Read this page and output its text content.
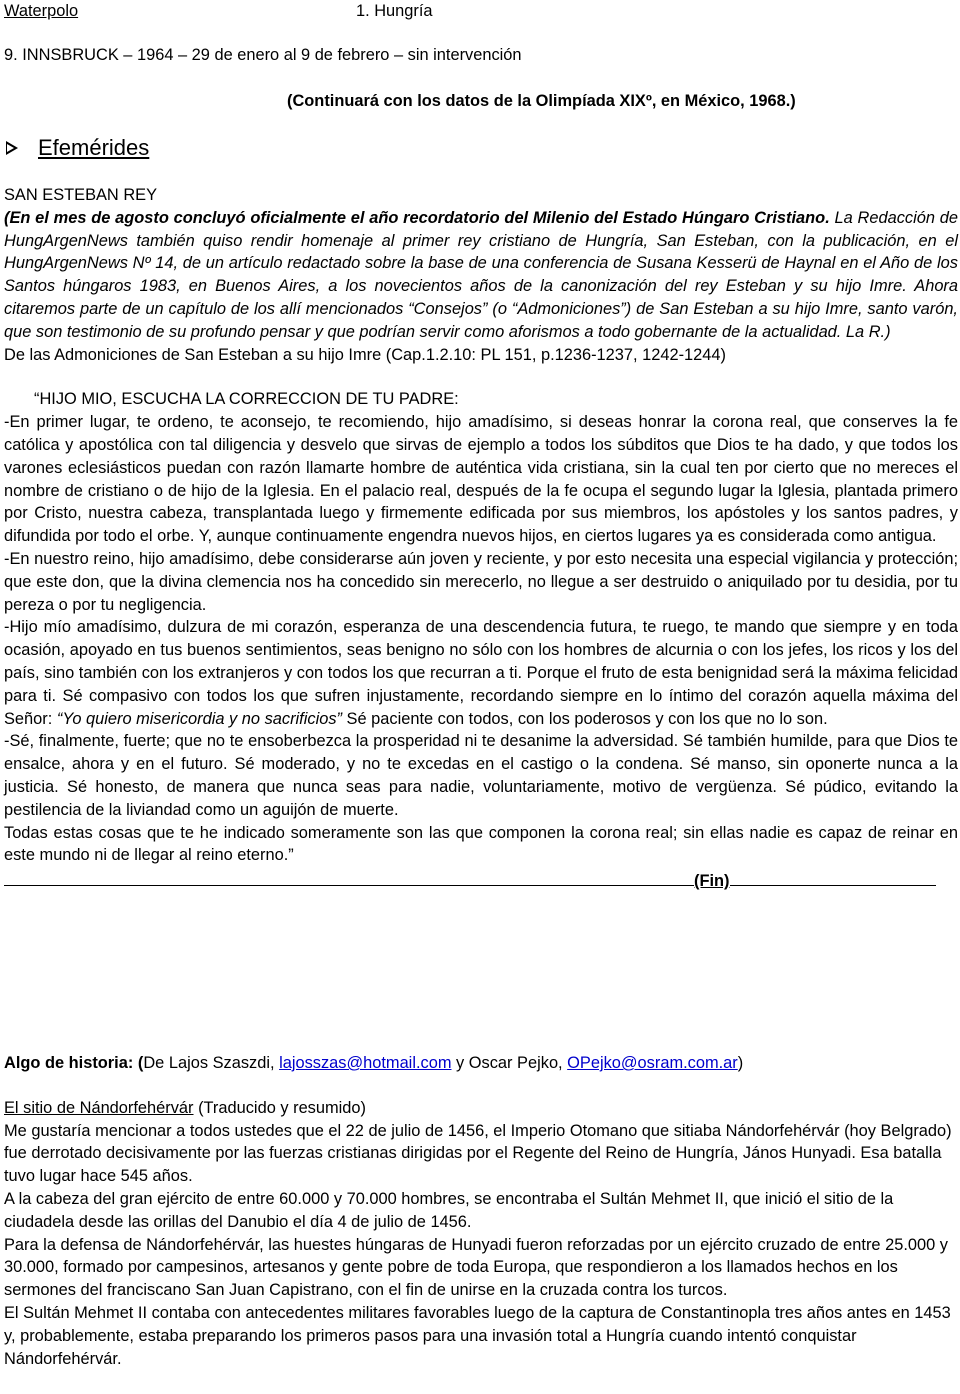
Waterpolo	1. Hungría
9. INNSBRUCK – 1964 – 29 de enero al 9 de febrero – sin intervención
(Continuará con los datos de la Olimpíada XIXº, en México, 1968.)
Efemérides

SAN ESTEBAN REY

(En el mes de agosto concluyó oficialmente el año recordatorio del Milenio del Estado Húngaro Cristiano. La Redacción de HungArgenNews también quiso rendir homenaje al primer rey cristiano de Hungría, San Esteban, con la publicación, en el HungArgenNews Nº 14, de un artículo redactado sobre la base de una conferencia de Susana Kesserü de Haynal en el Año de los Santos húngaros 1983, en Buenos Aires, a los novecientos años de la canonización del rey Esteban y su hijo Imre. Ahora citaremos parte de un capítulo de los allí mencionados “Consejos” (o “Admoniciones”) de San Esteban a su hijo Imre, santo varón, que son testimonio de su profundo pensar y que podrían servir como aforismos a todo gobernante de la actualidad. La R.)

De las Admoniciones de San Esteban a su hijo Imre (Cap.1.2.10: PL 151, p.1236-1237, 1242-1244)

“HIJO MIO, ESCUCHA LA CORRECCION DE TU PADRE:

-En primer lugar, te ordeno, te aconsejo, te recomiendo, hijo amadísimo, si deseas honrar la corona real, que conserves la fe católica y apostólica con tal diligencia y desvelo que sirvas de ejemplo a todos los súbditos que Dios te ha dado, y que todos los varones eclesiásticos puedan con razón llamarte hombre de auténtica vida cristiana, sin la cual ten por cierto que no mereces el nombre de cristiano o de hijo de la Iglesia. En el palacio real, después de la fe ocupa el segundo lugar la Iglesia, plantada primero por Cristo, nuestra cabeza, transplantada luego y firmemente edificada por sus miembros, los apóstoles y los santos padres, y difundida por todo el orbe. Y, aunque continuamente engendra nuevos hijos, en ciertos lugares ya es considerada como antigua.

-En nuestro reino, hijo amadísimo, debe considerarse aún joven y reciente, y por esto necesita una especial vigilancia y protección; que este don, que la divina clemencia nos ha concedido sin merecerlo, no llegue a ser destruido o aniquilado por tu desidia, por tu pereza o por tu negligencia.

-Hijo mío amadísimo, dulzura de mi corazón, esperanza de una descendencia futura, te ruego, te mando que siempre y en toda ocasión, apoyado en tus buenos sentimientos, seas benigno no sólo con los hombres de alcurnia o con los jefes, los ricos y los del país, sino también con los extranjeros y con todos los que recurran a ti. Porque el fruto de esta benignidad será la máxima felicidad para ti. Sé compasivo con todos los que sufren injustamente, recordando siempre en lo íntimo del corazón aquella máxima del Señor: “Yo quiero misericordia y no sacrificios” Sé paciente con todos, con los poderosos y con los que no lo son.

-Sé, finalmente, fuerte; que no te ensoberbezca la prosperidad ni te desanime la adversidad. Sé también humilde, para que Dios te ensalce, ahora y en el futuro. Sé moderado, y no te excedas en el castigo o la condena. Sé manso, sin oponerte nunca a la justicia. Sé honesto, de manera que nunca seas para nadie, voluntariamente, motivo de vergüenza. Sé púdico, evitando la pestilencia de la liviandad como un aguijón de muerte.

Todas estas cosas que te he indicado someramente son las que componen la corona real; sin ellas nadie es capaz de reinar en este mundo ni de llegar al reino eterno.”

(Fin)

Algo de historia: (De Lajos Szaszdi, lajosszas@hotmail.com y Oscar Pejko, OPejko@osram.com.ar)

El sitio de Nándorfehérvár (Traducido y resumido)

Me gustaría mencionar a todos ustedes que el 22 de julio de 1456, el Imperio Otomano que sitiaba Nándorfehérvár (hoy Belgrado) fue derrotado decisivamente por las fuerzas cristianas dirigidas por el Regente del Reino de Hungría, János Hunyadi. Esa batalla tuvo lugar hace 545 años.

A la cabeza del gran ejército de entre 60.000 y 70.000 hombres, se encontraba el Sultán Mehmet II, que inició el sitio de la ciudadela desde las orillas del Danubio el día 4 de julio de 1456.

Para la defensa de Nándorfehérvár, las huestes húngaras de Hunyadi fueron reforzadas por un ejército cruzado de entre 25.000 y 30.000, formado por campesinos, artesanos y gente pobre de toda Europa, que respondieron a los llamados hechos en los sermones del franciscano San Juan Capistrano, con el fin de unirse en la cruzada contra los turcos.

El Sultán Mehmet II contaba con antecedentes militares favorables luego de la captura de Constantinopla tres años antes en 1453 y, probablemente, estaba preparando los primeros pasos para una invasión total a Hungría cuando intentó conquistar Nándorfehérvár.
